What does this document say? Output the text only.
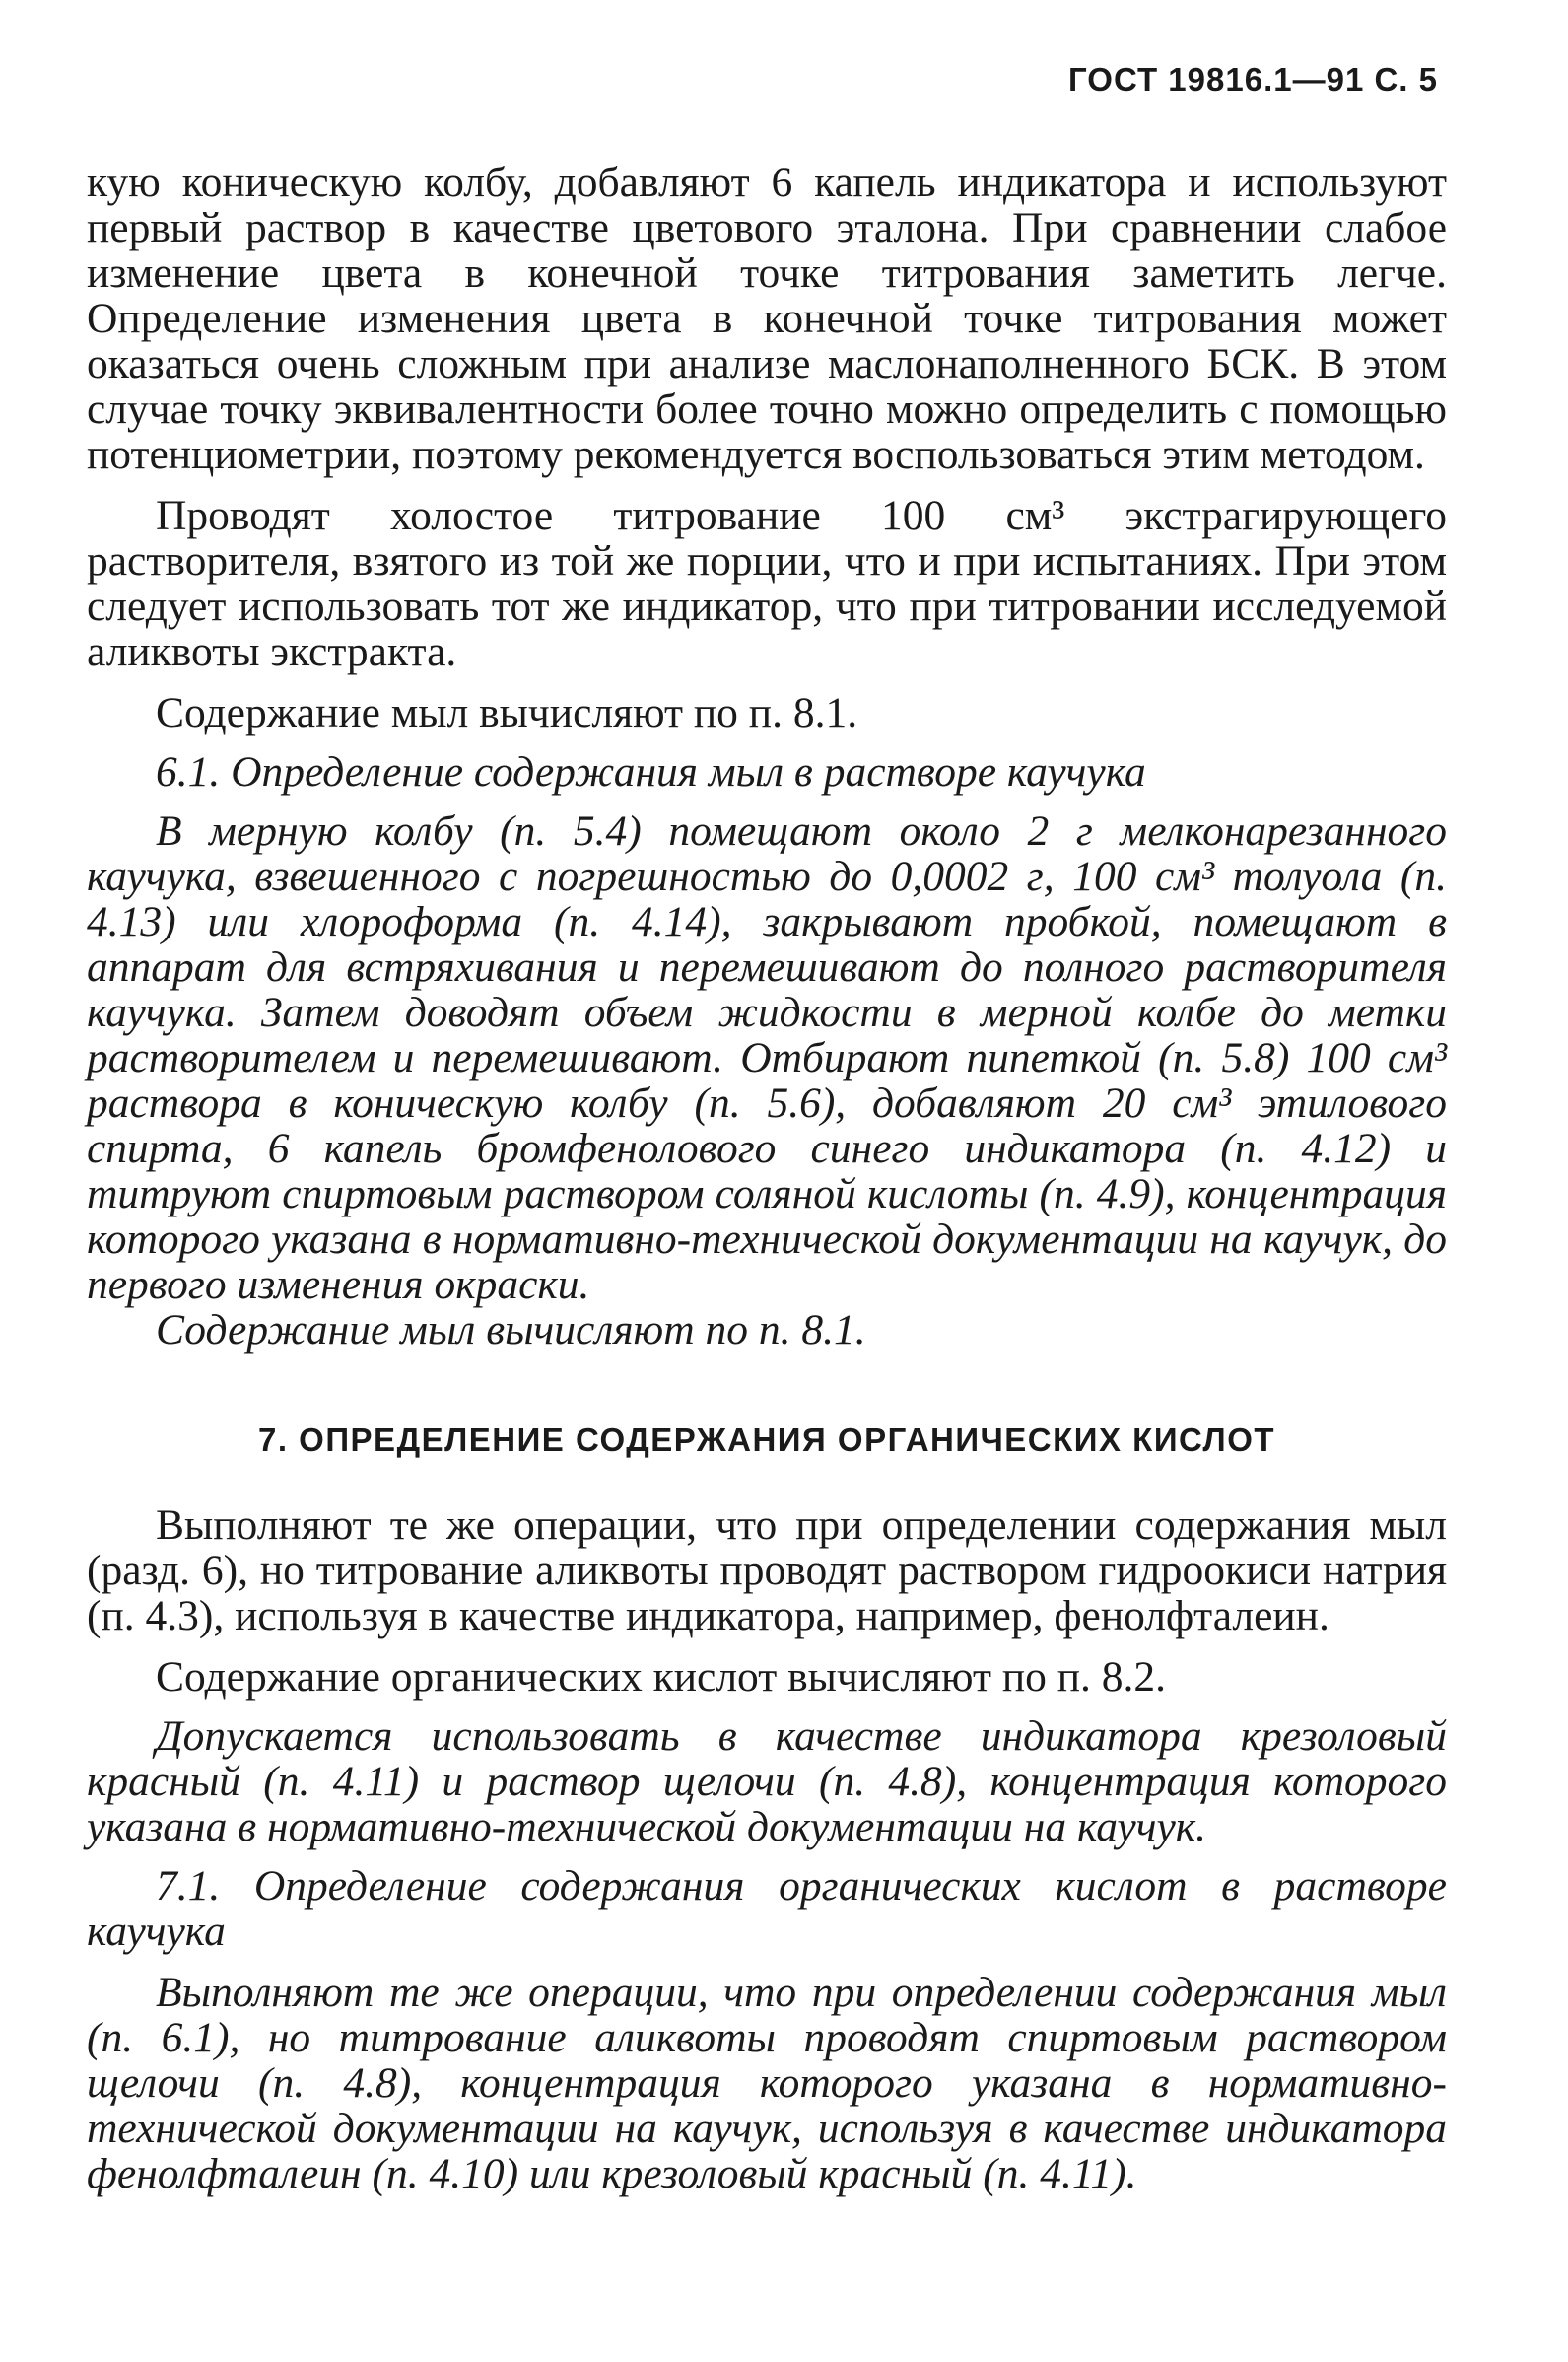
ГОСТ 19816.1—91 С. 5

кую коническую колбу, добавляют 6 капель индикатора и используют первый раствор в качестве цветового эталона. При сравнении слабое изменение цвета в конечной точке титрования заметить легче. Определение изменения цвета в конечной точке титрования может оказаться очень сложным при анализе маслонаполненного БСК. В этом случае точку эквивалентности более точно можно определить с помощью потенциометрии, поэтому рекомендуется воспользоваться этим методом.

Проводят холостое титрование 100 см³ экстрагирующего растворителя, взятого из той же порции, что и при испытаниях. При этом следует использовать тот же индикатор, что при титровании исследуемой аликвоты экстракта.

Содержание мыл вычисляют по п. 8.1.

6.1. Определение содержания мыл в растворе каучука

В мерную колбу (п. 5.4) помещают около 2 г мелконарезанного каучука, взвешенного с погрешностью до 0,0002 г, 100 см³ толуола (п. 4.13) или хлороформа (п. 4.14), закрывают пробкой, помещают в аппарат для встряхивания и перемешивают до полного растворителя каучука. Затем доводят объем жидкости в мерной колбе до метки растворителем и перемешивают. Отбирают пипеткой (п. 5.8) 100 см³ раствора в коническую колбу (п. 5.6), добавляют 20 см³ этилового спирта, 6 капель бромфенолового синего индикатора (п. 4.12) и титруют спиртовым раствором соляной кислоты (п. 4.9), концентрация которого указана в нормативно-технической документации на каучук, до первого изменения окраски.

Содержание мыл вычисляют по п. 8.1.

7. ОПРЕДЕЛЕНИЕ СОДЕРЖАНИЯ ОРГАНИЧЕСКИХ КИСЛОТ

Выполняют те же операции, что при определении содержания мыл (разд. 6), но титрование аликвоты проводят раствором гидроокиси натрия (п. 4.3), используя в качестве индикатора, например, фенолфталеин.

Содержание органических кислот вычисляют по п. 8.2.

Допускается использовать в качестве индикатора крезоловый красный (п. 4.11) и раствор щелочи (п. 4.8), концентрация которого указана в нормативно-технической документации на каучук.

7.1. Определение содержания органических кислот в растворе каучука

Выполняют те же операции, что при определении содержания мыл (п. 6.1), но титрование аликвоты проводят спиртовым раствором щелочи (п. 4.8), концентрация которого указана в нормативно-технической документации на каучук, используя в качестве индикатора фенолфталеин (п. 4.10) или крезоловый красный (п. 4.11).
